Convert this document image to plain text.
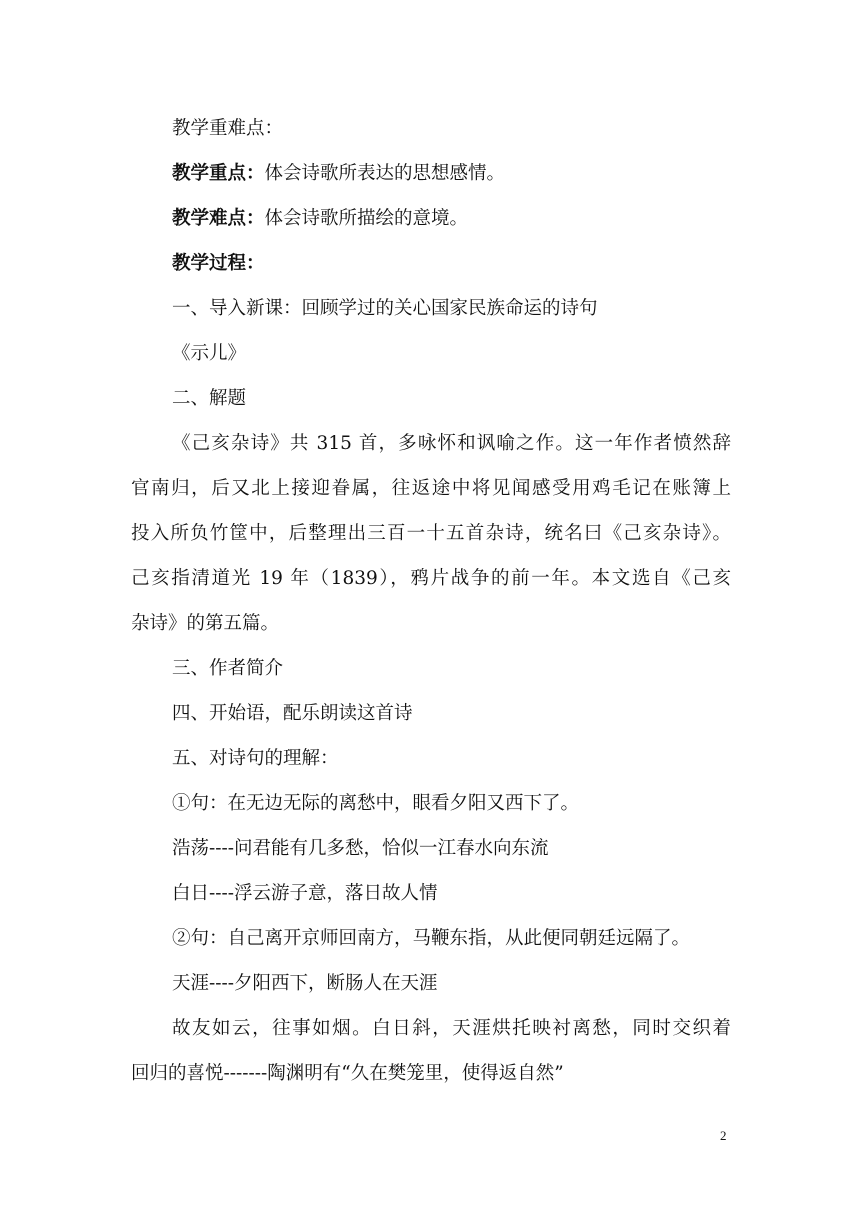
教学重难点：
教学重点：体会诗歌所表达的思想感情。
教学难点：体会诗歌所描绘的意境。
教学过程：
一、导入新课：回顾学过的关心国家民族命运的诗句
《示儿》
二、解题
《己亥杂诗》共 315 首，多咏怀和讽喻之作。这一年作者愤然辞
官南归，后又北上接迎眷属，往返途中将见闻感受用鸡毛记在账簿上
投入所负竹筐中，后整理出三百一十五首杂诗，统名曰《己亥杂诗》。
己亥指清道光 19 年（1839），鸦片战争的前一年。本文选自《己亥
杂诗》的第五篇。
三、作者简介
四、开始语，配乐朗读这首诗
五、对诗句的理解：
①句：在无边无际的离愁中，眼看夕阳又西下了。
浩荡----问君能有几多愁，恰似一江春水向东流
白日----浮云游子意，落日故人情
②句：自己离开京师回南方，马鞭东指，从此便同朝廷远隔了。
天涯----夕阳西下，断肠人在天涯
故友如云，往事如烟。白日斜，天涯烘托映衬离愁，同时交织着
回归的喜悦-------陶渊明有“久在樊笼里，使得返自然”
2
